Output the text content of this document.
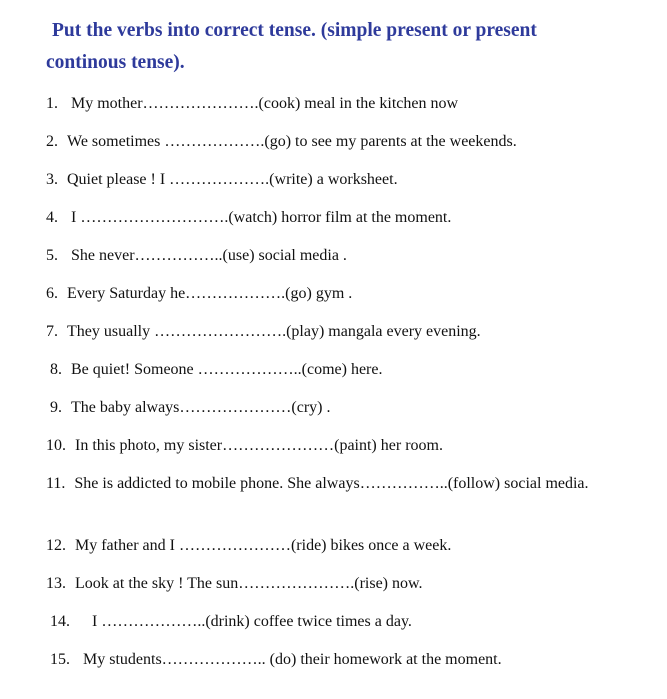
Put the verbs into correct tense. (simple present or present
continous tense).
1. My mother………………….(cook) meal in the kitchen now
2. We sometimes ……………….(go) to see my parents at the weekends.
3. Quiet please ! I ……………….(write) a worksheet.
4. I ……………………….(watch) horror film at the moment.
5. She never……………..(use) social media .
6. Every Saturday he……………….(go) gym .
7. They usually …………………….(play) mangala every evening.
8. Be quiet! Someone ………………..(come) here.
9. The baby always…………………(cry) .
10. In this photo, my sister…………………(paint) her room.
11. She is addicted to mobile phone. She always……………..(follow) social media.
12. My father and I …………………(ride) bikes once a week.
13. Look at the sky ! The sun………………….(rise) now.
14. I ………………..(drink) coffee twice times a day.
15. My students……………….. (do) their homework at the moment.
